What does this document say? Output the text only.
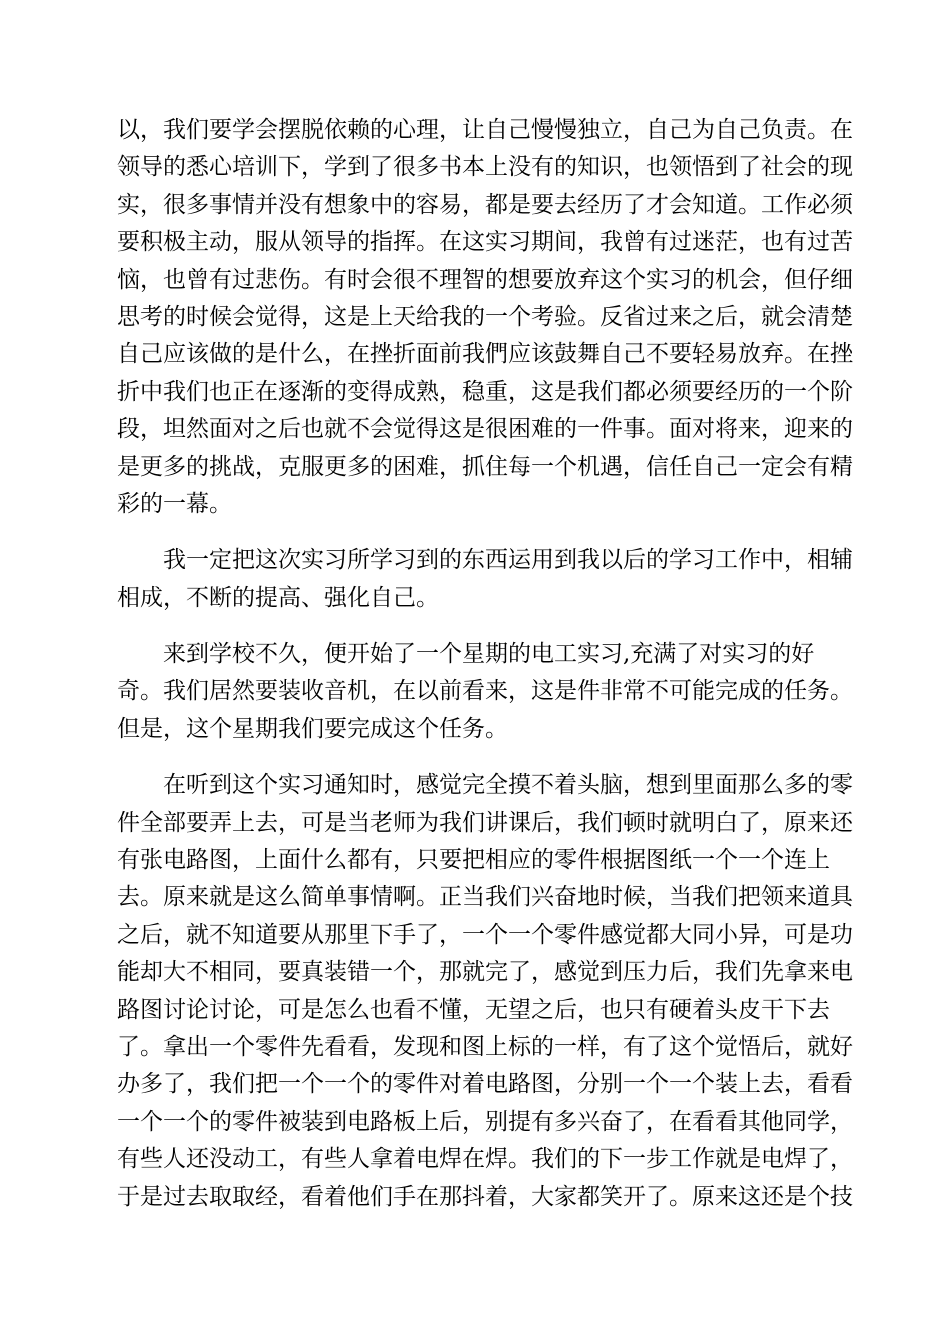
以，我们要学会摆脱依赖的心理，让自己慢慢独立，自己为自己负责。在
领导的悉心培训下，学到了很多书本上没有的知识，也领悟到了社会的现
实，很多事情并没有想象中的容易，都是要去经历了才会知道。工作必须
要积极主动，服从领导的指挥。在这实习期间，我曾有过迷茫，也有过苦
恼，也曾有过悲伤。有时会很不理智的想要放弃这个实习的机会，但仔细
思考的时候会觉得，这是上天给我的一个考验。反省过来之后，就会清楚
自己应该做的是什么，在挫折面前我們应该鼓舞自己不要轻易放弃。在挫
折中我们也正在逐渐的变得成熟，稳重，这是我们都必须要经历的一个阶
段，坦然面对之后也就不会觉得这是很困难的一件事。面对将来，迎来的
是更多的挑战，克服更多的困难，抓住每一个机遇，信任自己一定会有精
彩的一幕。

我一定把这次实习所学习到的东西运用到我以后的学习工作中，相辅
相成，不断的提高、强化自己。

来到学校不久，便开始了一个星期的电工实习,充满了对实习的好
奇。我们居然要装收音机，在以前看来，这是件非常不可能完成的任务。
但是，这个星期我们要完成这个任务。

在听到这个实习通知时，感觉完全摸不着头脑，想到里面那么多的零
件全部要弄上去，可是当老师为我们讲课后，我们顿时就明白了，原来还
有张电路图，上面什么都有，只要把相应的零件根据图纸一个一个连上
去。原来就是这么简单事情啊。正当我们兴奋地时候，当我们把领来道具
之后，就不知道要从那里下手了，一个一个零件感觉都大同小异，可是功
能却大不相同，要真装错一个，那就完了，感觉到压力后，我们先拿来电
路图讨论讨论，可是怎么也看不懂，无望之后，也只有硬着头皮干下去
了。拿出一个零件先看看，发现和图上标的一样，有了这个觉悟后，就好
办多了，我们把一个一个的零件对着电路图，分别一个一个装上去，看看
一个一个的零件被装到电路板上后，别提有多兴奋了，在看看其他同学，
有些人还没动工，有些人拿着电焊在焊。我们的下一步工作就是电焊了，
于是过去取取经，看着他们手在那抖着，大家都笑开了。原来这还是个技
